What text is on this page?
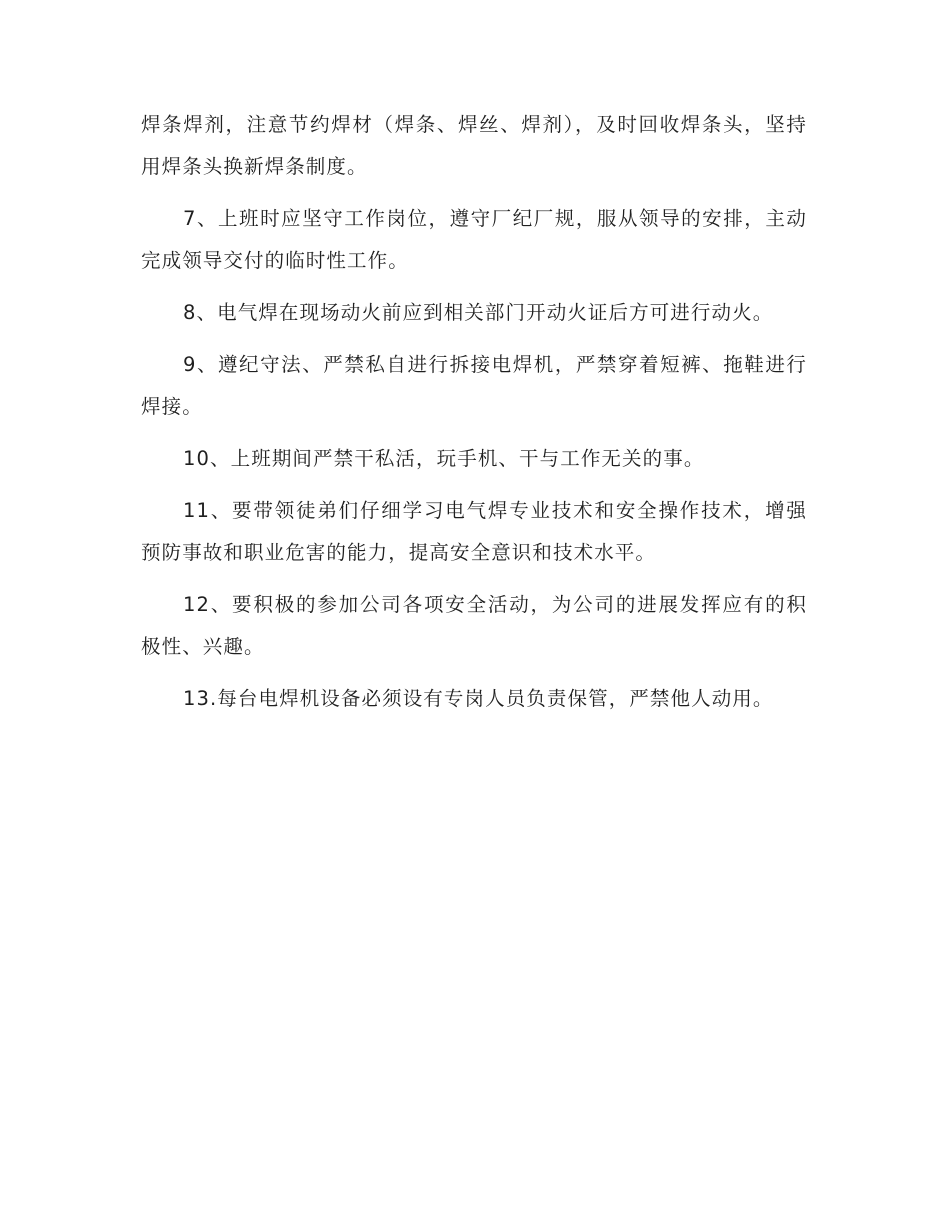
焊条焊剂，注意节约焊材（焊条、焊丝、焊剂），及时回收焊条头，坚持用焊条头换新焊条制度。

7、上班时应坚守工作岗位，遵守厂纪厂规，服从领导的安排，主动完成领导交付的临时性工作。

8、电气焊在现场动火前应到相关部门开动火证后方可进行动火。

9、遵纪守法、严禁私自进行拆接电焊机，严禁穿着短裤、拖鞋进行焊接。

10、上班期间严禁干私活，玩手机、干与工作无关的事。

11、要带领徒弟们仔细学习电气焊专业技术和安全操作技术，增强预防事故和职业危害的能力，提高安全意识和技术水平。

12、要积极的参加公司各项安全活动，为公司的进展发挥应有的积极性、兴趣。

13.每台电焊机设备必须设有专岗人员负责保管，严禁他人动用。
